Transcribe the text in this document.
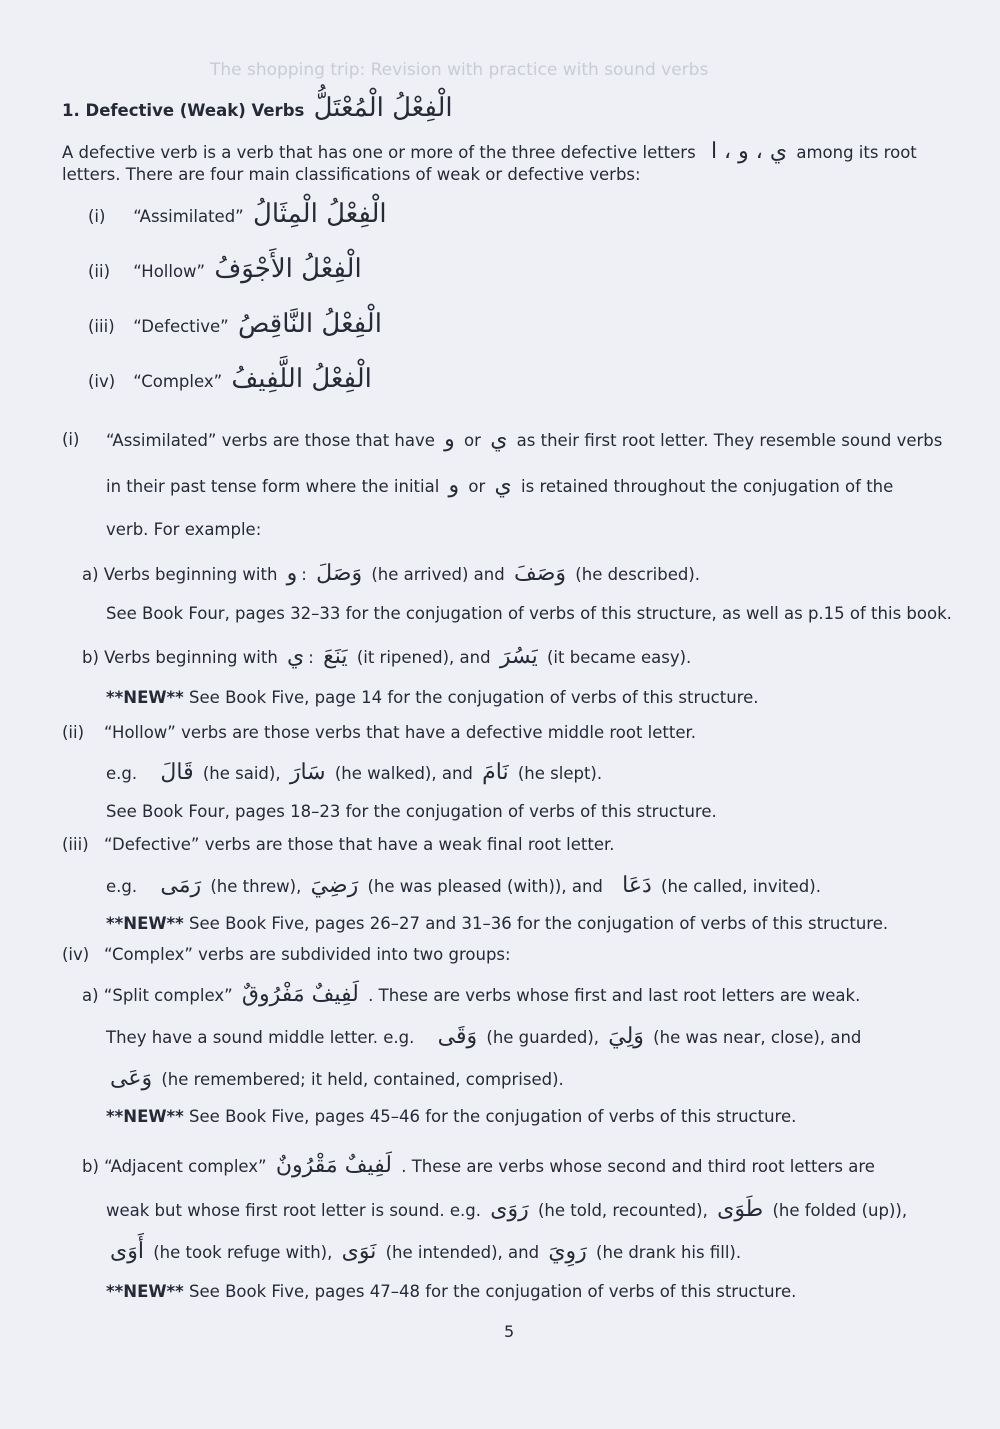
The shopping trip: Revision with practice with sound verbs
1. Defective (Weak) Verbs الْفِعْلُ الْمُعْتَلُّ
A defective verb is a verb that has one or more of the three defective letters ي ، و ، ا among its root
letters. There are four main classifications of weak or defective verbs:
(i) “Assimilated” الْفِعْلُ الْمِثَالُ
(ii) “Hollow” الْفِعْلُ الأَجْوَفُ
(iii) “Defective” الْفِعْلُ النَّاقِصُ
(iv) “Complex” الْفِعْلُ اللَّفِيفُ
(i) “Assimilated” verbs are those that have و or ي as their first root letter. They resemble sound verbs
in their past tense form where the initial و or ي is retained throughout the conjugation of the
verb. For example:
a) Verbs beginning with و : وَصَلَ (he arrived) and وَصَفَ (he described).
See Book Four, pages 32–33 for the conjugation of verbs of this structure, as well as p.15 of this book.
b) Verbs beginning with ي : يَنَعَ (it ripened), and يَسُرَ (it became easy).
**NEW** See Book Five, page 14 for the conjugation of verbs of this structure.
(ii) “Hollow” verbs are those verbs that have a defective middle root letter.
e.g. قَالَ (he said), سَارَ (he walked), and نَامَ (he slept).
See Book Four, pages 18–23 for the conjugation of verbs of this structure.
(iii) “Defective” verbs are those that have a weak final root letter.
e.g. رَمَى (he threw), رَضِيَ (he was pleased (with)), and دَعَا (he called, invited).
**NEW** See Book Five, pages 26–27 and 31–36 for the conjugation of verbs of this structure.
(iv) “Complex” verbs are subdivided into two groups:
a) “Split complex” لَفِيفٌ مَفْرُوقٌ . These are verbs whose first and last root letters are weak.
They have a sound middle letter. e.g. وَقَى (he guarded), وَلِيَ (he was near, close), and
وَعَى (he remembered; it held, contained, comprised).
**NEW** See Book Five, pages 45–46 for the conjugation of verbs of this structure.
b) “Adjacent complex” لَفِيفٌ مَقْرُونٌ . These are verbs whose second and third root letters are
weak but whose first root letter is sound. e.g. رَوَى (he told, recounted), طَوَى (he folded (up)),
أَوَى (he took refuge with), نَوَى (he intended), and رَوِيَ (he drank his fill).
**NEW** See Book Five, pages 47–48 for the conjugation of verbs of this structure.
5
